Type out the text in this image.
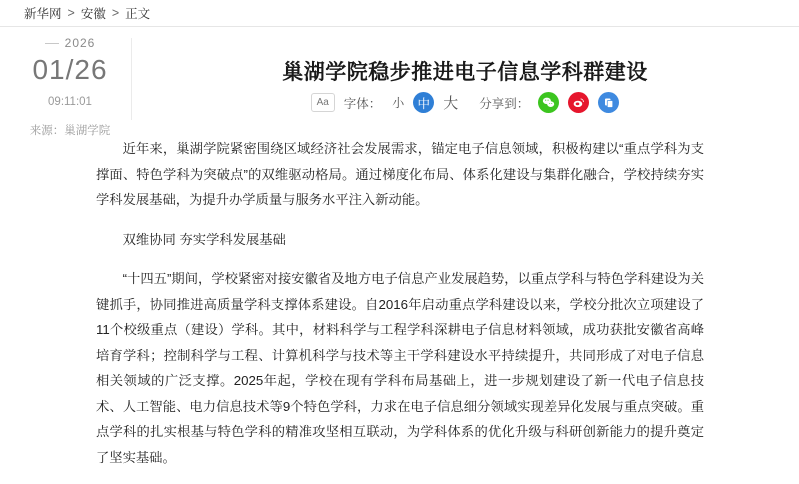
新华网 > 安徽 > 正文
2026
01/26
09:11:01
来源：巢湖学院
巢湖学院稳步推进电子信息学科群建设
Aa	字体： 小	中 大 分享到：

近年来，巢湖学院紧密围绕区域经济社会发展需求，锚定电子信息领域，积极构建以“重点学科为支撑面、特色学科为突破点”的双维驱动格局。通过梯度化布局、体系化建设与集群化融合，学校持续夯实学科发展基础，为提升办学质量与服务水平注入新动能。

双维协同 夯实学科发展基础

“十四五”期间，学校紧密对接安徽省及地方电子信息产业发展趋势，以重点学科与特色学科建设为关键抓手，协同推进高质量学科支撑体系建设。自2016年启动重点学科建设以来，学校分批次立项建设了11个校级重点（建设）学科。其中，材料科学与工程学科深耕电子信息材料领域，成功获批安徽省高峰培育学科；控制科学与工程、计算机科学与技术等主干学科建设水平持续提升，共同形成了对电子信息相关领域的广泛支撑。2025年起，学校在现有学科布局基础上，进一步规划建设了新一代电子信息技术、人工智能、电力信息技术等9个特色学科，力求在电子信息细分领域实现差异化发展与重点突破。重点学科的扎实根基与特色学科的精准攻坚相互联动，为学科体系的优化升级与科研创新能力的提升奠定了坚实基础。
